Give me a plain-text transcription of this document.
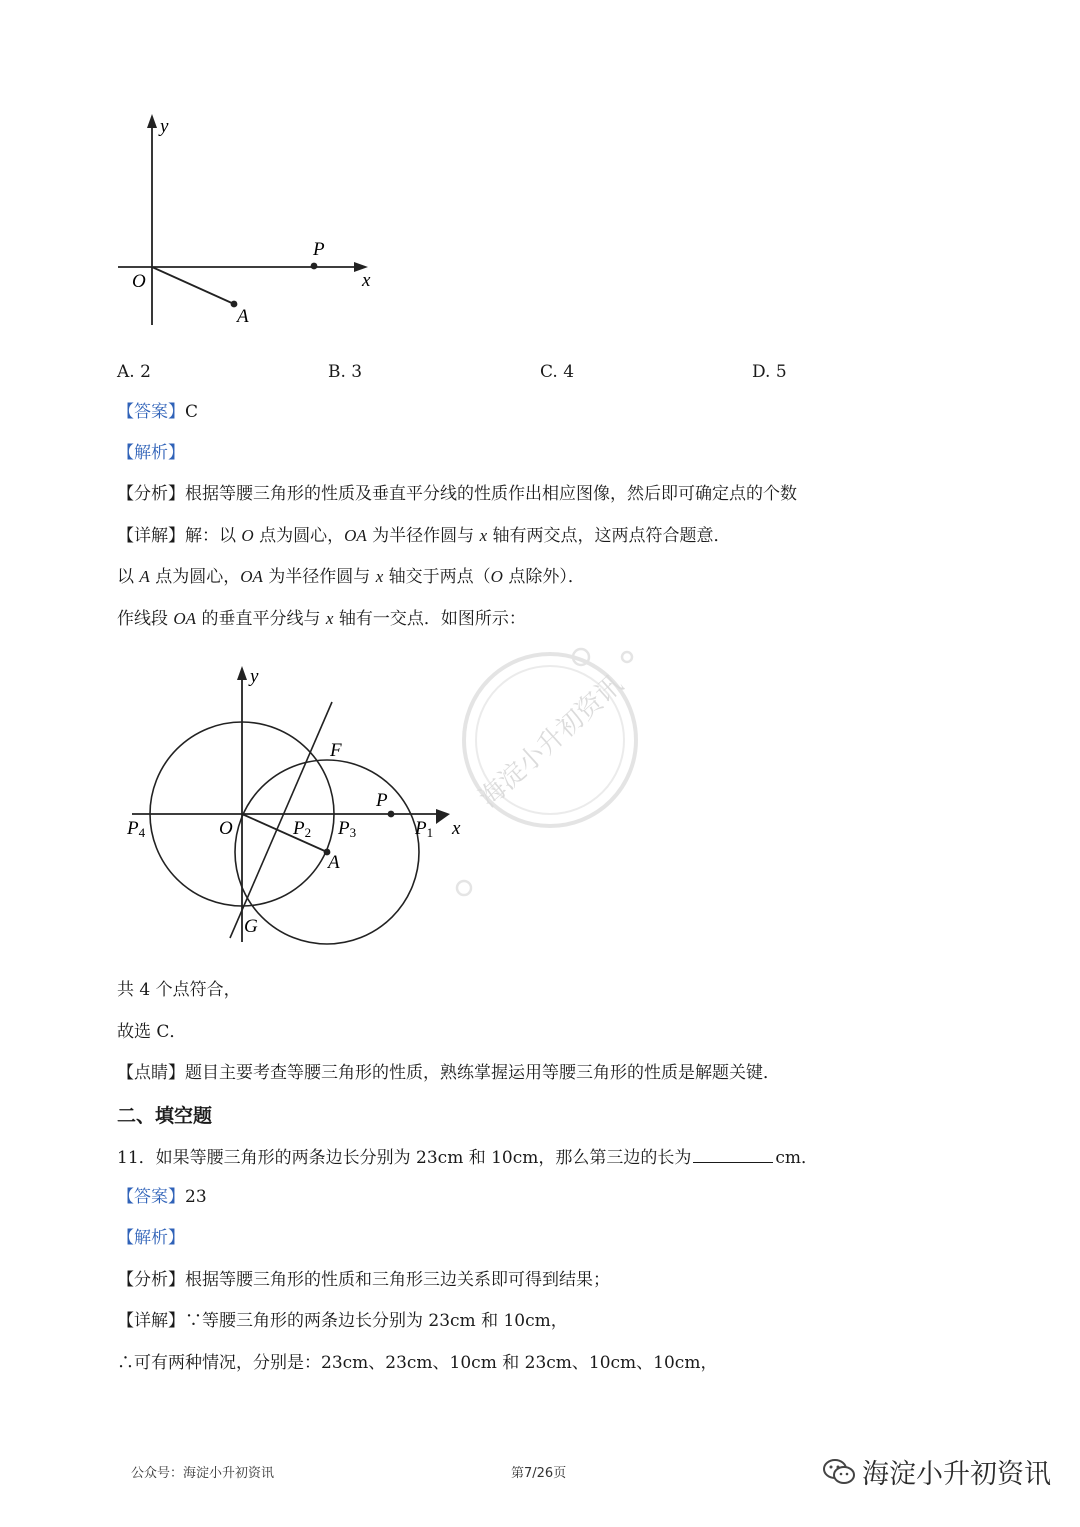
y
x
O
P
A
A. 2	B. 3	C. 4	D. 5
【答案】C
【解析】
【分析】根据等腰三角形的性质及垂直平分线的性质作出相应图像，然后即可确定点的个数
【详解】解：以 O 点为圆心，OA 为半径作圆与 x 轴有两交点，这两点符合题意．
以 A 点为圆心，OA 为半径作圆与 x 轴交于两点（O 点除外）．
作线段 OA 的垂直平分线与 x 轴有一交点．如图所示：
海淀小升初资讯
y
x
O
F
G
A
P
P4	P2 P3	P1
共 4 个点符合，
故选 C．
【点睛】题目主要考查等腰三角形的性质，熟练掌握运用等腰三角形的性质是解题关键．
二、填空题
11．如果等腰三角形的两条边长分别为 23cm 和 10cm，那么第三边的长为	cm．
【答案】23
【解析】
【分析】根据等腰三角形的性质和三角形三边关系即可得到结果；
【详解】∵等腰三角形的两条边长分别为 23cm 和 10cm，
∴可有两种情况，分别是：23cm、23cm、10cm 和 23cm、10cm、10cm，
公众号：海淀小升初资讯	第7/26页	海淀小升初资讯
